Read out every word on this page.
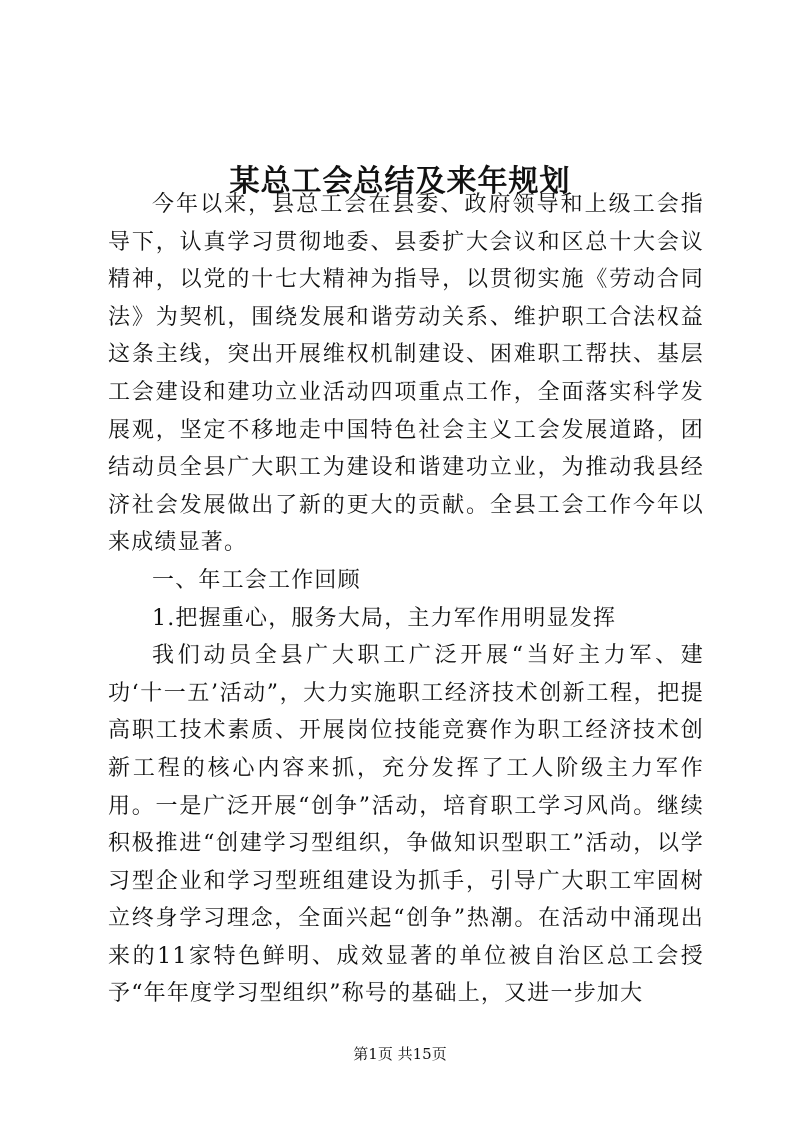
某总工会总结及来年规划

今年以来，县总工会在县委、政府领导和上级工会指导下，认真学习贯彻地委、县委扩大会议和区总十大会议精神，以党的十七大精神为指导，以贯彻实施《劳动合同法》为契机，围绕发展和谐劳动关系、维护职工合法权益这条主线，突出开展维权机制建设、困难职工帮扶、基层工会建设和建功立业活动四项重点工作，全面落实科学发展观，坚定不移地走中国特色社会主义工会发展道路，团结动员全县广大职工为建设和谐建功立业，为推动我县经济社会发展做出了新的更大的贡献。全县工会工作今年以来成绩显著。

一、年工会工作回顾

1.把握重心，服务大局，主力军作用明显发挥

我们动员全县广大职工广泛开展“当好主力军、建功‘十一五’活动”，大力实施职工经济技术创新工程，把提高职工技术素质、开展岗位技能竞赛作为职工经济技术创新工程的核心内容来抓，充分发挥了工人阶级主力军作用。一是广泛开展“创争”活动，培育职工学习风尚。继续积极推进“创建学习型组织，争做知识型职工”活动，以学习型企业和学习型班组建设为抓手，引导广大职工牢固树立终身学习理念，全面兴起“创争”热潮。在活动中涌现出来的11家特色鲜明、成效显著的单位被自治区总工会授予“年年度学习型组织”称号的基础上，又进一步加大

第1页 共15页
